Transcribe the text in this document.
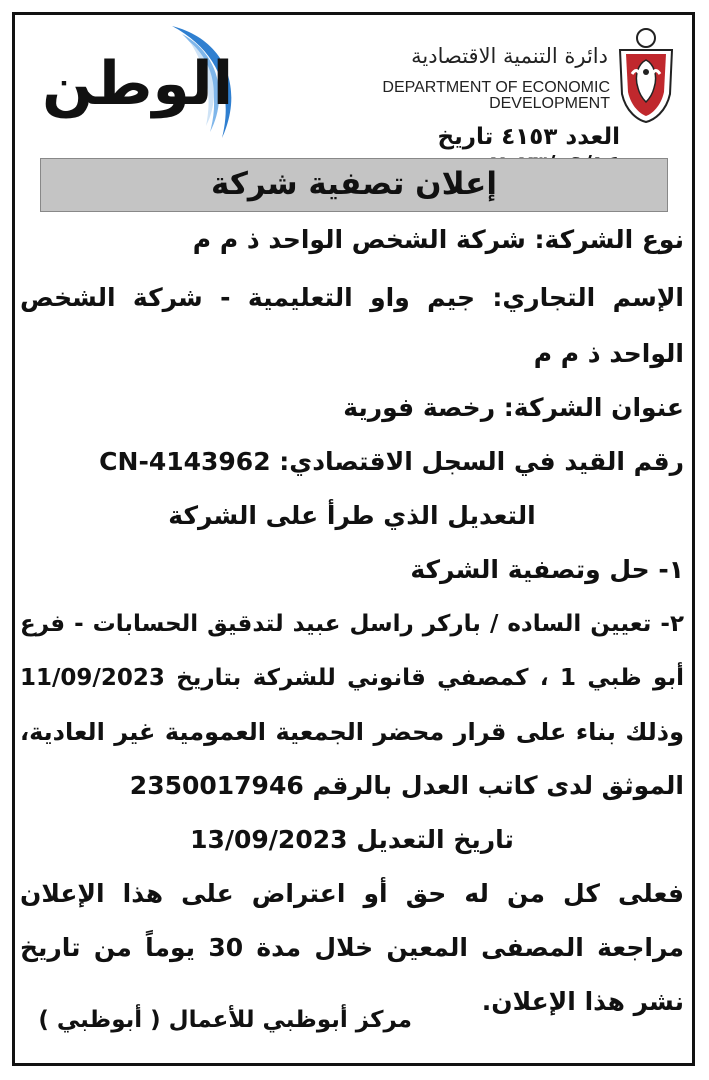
الوطن	دائرة التنمية الاقتصادية
DEPARTMENT OF ECONOMIC DEVELOPMENT
العدد ٤١٥٣ تاريخ
إعلان تصفية شركة
نوع الشركة: شركة الشخص الواحد ذ م م
الإسم التجاري: جيم واو التعليمية - شركة الشخص
الواحد ذ م م
عنوان الشركة: رخصة فورية
رقم القيد في السجل الاقتصادي: CN-4143962
التعديل الذي طرأ على الشركة
١- حل وتصفية الشركة
٢- تعيين الساده / باركر راسل عبيد لتدقيق الحسابات - فرع
أبو ظبي 1 ، كمصفي قانوني للشركة بتاريخ 11/09/2023
وذلك بناء على قرار محضر الجمعية العمومية غير العادية،
الموثق لدى كاتب العدل بالرقم 2350017946
تاريخ التعديل 13/09/2023
فعلى كل من له حق أو اعتراض على هذا الإعلان
مراجعة المصفى المعين خلال مدة 30 يوماً من تاريخ
نشر هذا الإعلان.
مركز أبوظبي للأعمال ( أبوظبي )
